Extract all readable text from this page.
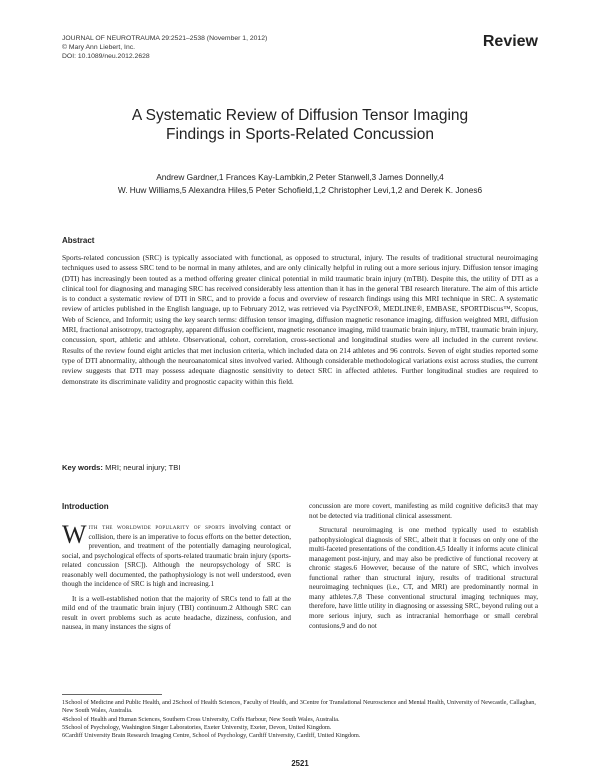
JOURNAL OF NEUROTRAUMA 29:2521–2538 (November 1, 2012)
© Mary Ann Liebert, Inc.
DOI: 10.1089/neu.2012.2628
Review
A Systematic Review of Diffusion Tensor Imaging
Findings in Sports-Related Concussion
Andrew Gardner,1 Frances Kay-Lambkin,2 Peter Stanwell,3 James Donnelly,4
W. Huw Williams,5 Alexandra Hiles,5 Peter Schofield,1,2 Christopher Levi,1,2 and Derek K. Jones6
Abstract
Sports-related concussion (SRC) is typically associated with functional, as opposed to structural, injury. The results of traditional structural neuroimaging techniques used to assess SRC tend to be normal in many athletes, and are only clinically helpful in ruling out a more serious injury. Diffusion tensor imaging (DTI) has increasingly been touted as a method offering greater clinical potential in mild traumatic brain injury (mTBI). Despite this, the utility of DTI as a clinical tool for diagnosing and managing SRC has received considerably less attention than it has in the general TBI research literature. The aim of this article is to conduct a systematic review of DTI in SRC, and to provide a focus and overview of research findings using this MRI technique in SRC. A systematic review of articles published in the English language, up to February 2012, was retrieved via PsycINFO®, MEDLINE®, EMBASE, SPORTDiscus™, Scopus, Web of Science, and Informit; using the key search terms: diffusion tensor imaging, diffusion magnetic resonance imaging, diffusion weighted MRI, diffusion MRI, fractional anisotropy, tractography, apparent diffusion coefficient, magnetic resonance imaging, mild traumatic brain injury, mTBI, traumatic brain injury, concussion, sport, athletic and athlete. Observational, cohort, correlation, cross-sectional and longitudinal studies were all included in the current review. Results of the review found eight articles that met inclusion criteria, which included data on 214 athletes and 96 controls. Seven of eight studies reported some type of DTI abnormality, although the neuroanatomical sites involved varied. Although considerable methodological variations exist across studies, the current review suggests that DTI may possess adequate diagnostic sensitivity to detect SRC in affected athletes. Further longitudinal studies are required to demonstrate its discriminate validity and prognostic capacity within this field.
Key words: MRI; neural injury; TBI
Introduction

With the worldwide popularity of sports involving contact or collision, there is an imperative to focus efforts on the better detection, prevention, and treatment of the potentially damaging neurological, social, and psychological effects of sports-related traumatic brain injury (sports-related concussion [SRC]). Although the neuropsychology of SRC is reasonably well documented, the pathophysiology is not well understood, even though the incidence of SRC is high and increasing.1

It is a well-established notion that the majority of SRCs tend to fall at the mild end of the traumatic brain injury (TBI) continuum.2 Although SRC can result in overt problems such as acute headache, dizziness, confusion, and nausea, in many instances the signs of

concussion are more covert, manifesting as mild cognitive deficits3 that may not be detected via traditional clinical assessment.

Structural neuroimaging is one method typically used to establish pathophysiological diagnosis of SRC, albeit that it focuses on only one of the multi-faceted presentations of the condition.4,5 Ideally it informs acute clinical management post-injury, and may also be predictive of functional recovery at chronic stages.6 However, because of the nature of SRC, which involves functional rather than structural injury, results of traditional structural neuroimaging techniques (i.e., CT, and MRI) are predominantly normal in many athletes.7,8 These conventional structural imaging techniques may, therefore, have little utility in diagnosing or assessing SRC, beyond ruling out a more serious injury, such as intracranial hemorrhage or small cerebral contusions,9 and do not

1School of Medicine and Public Health, and 2School of Health Sciences, Faculty of Health, and 3Centre for Translational Neuroscience and Mental Health, University of Newcastle, Callaghan, New South Wales, Australia.
4School of Health and Human Sciences, Southern Cross University, Coffs Harbour, New South Wales, Australia.
5School of Psychology, Washington Singer Laboratories, Exeter University, Exeter, Devon, United Kingdom.
6Cardiff University Brain Research Imaging Centre, School of Psychology, Cardiff University, Cardiff, United Kingdom.
2521
